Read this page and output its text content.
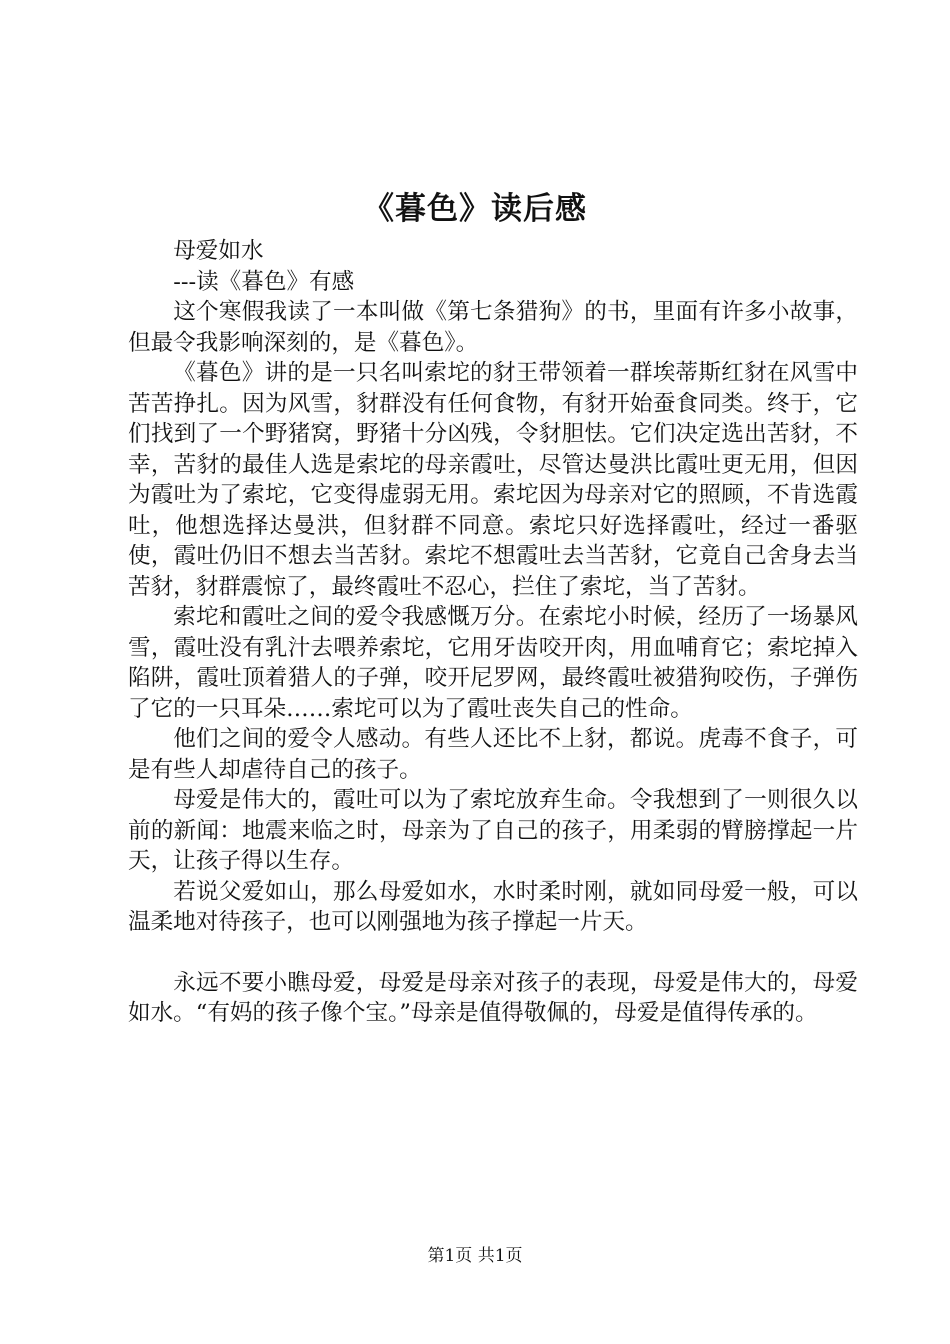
《暮色》读后感

母爱如水

---读《暮色》有感

这个寒假我读了一本叫做《第七条猎狗》的书，里面有许多小故事，但最令我影响深刻的，是《暮色》。

《暮色》讲的是一只名叫索坨的豺王带领着一群埃蒂斯红豺在风雪中苦苦挣扎。因为风雪，豺群没有任何食物，有豺开始蚕食同类。终于，它们找到了一个野猪窝，野猪十分凶残，令豺胆怯。它们决定选出苦豺，不幸，苦豺的最佳人选是索坨的母亲霞吐，尽管达曼洪比霞吐更无用，但因为霞吐为了索坨，它变得虚弱无用。索坨因为母亲对它的照顾，不肯选霞吐，他想选择达曼洪，但豺群不同意。索坨只好选择霞吐，经过一番驱使，霞吐仍旧不想去当苦豺。索坨不想霞吐去当苦豺，它竟自己舍身去当苦豺，豺群震惊了，最终霞吐不忍心，拦住了索坨，当了苦豺。

索坨和霞吐之间的爱令我感慨万分。在索坨小时候，经历了一场暴风雪，霞吐没有乳汁去喂养索坨，它用牙齿咬开肉，用血哺育它；索坨掉入陷阱，霞吐顶着猎人的子弹，咬开尼罗网，最终霞吐被猎狗咬伤，子弹伤了它的一只耳朵……索坨可以为了霞吐丧失自己的性命。

他们之间的爱令人感动。有些人还比不上豺，都说。虎毒不食子，可是有些人却虐待自己的孩子。

母爱是伟大的，霞吐可以为了索坨放弃生命。令我想到了一则很久以前的新闻：地震来临之时，母亲为了自己的孩子，用柔弱的臂膀撑起一片天，让孩子得以生存。

若说父爱如山，那么母爱如水，水时柔时刚，就如同母爱一般，可以温柔地对待孩子，也可以刚强地为孩子撑起一片天。

永远不要小瞧母爱，母爱是母亲对孩子的表现，母爱是伟大的，母爱如水。“有妈的孩子像个宝。”母亲是值得敬佩的，母爱是值得传承的。

第1页 共1页
